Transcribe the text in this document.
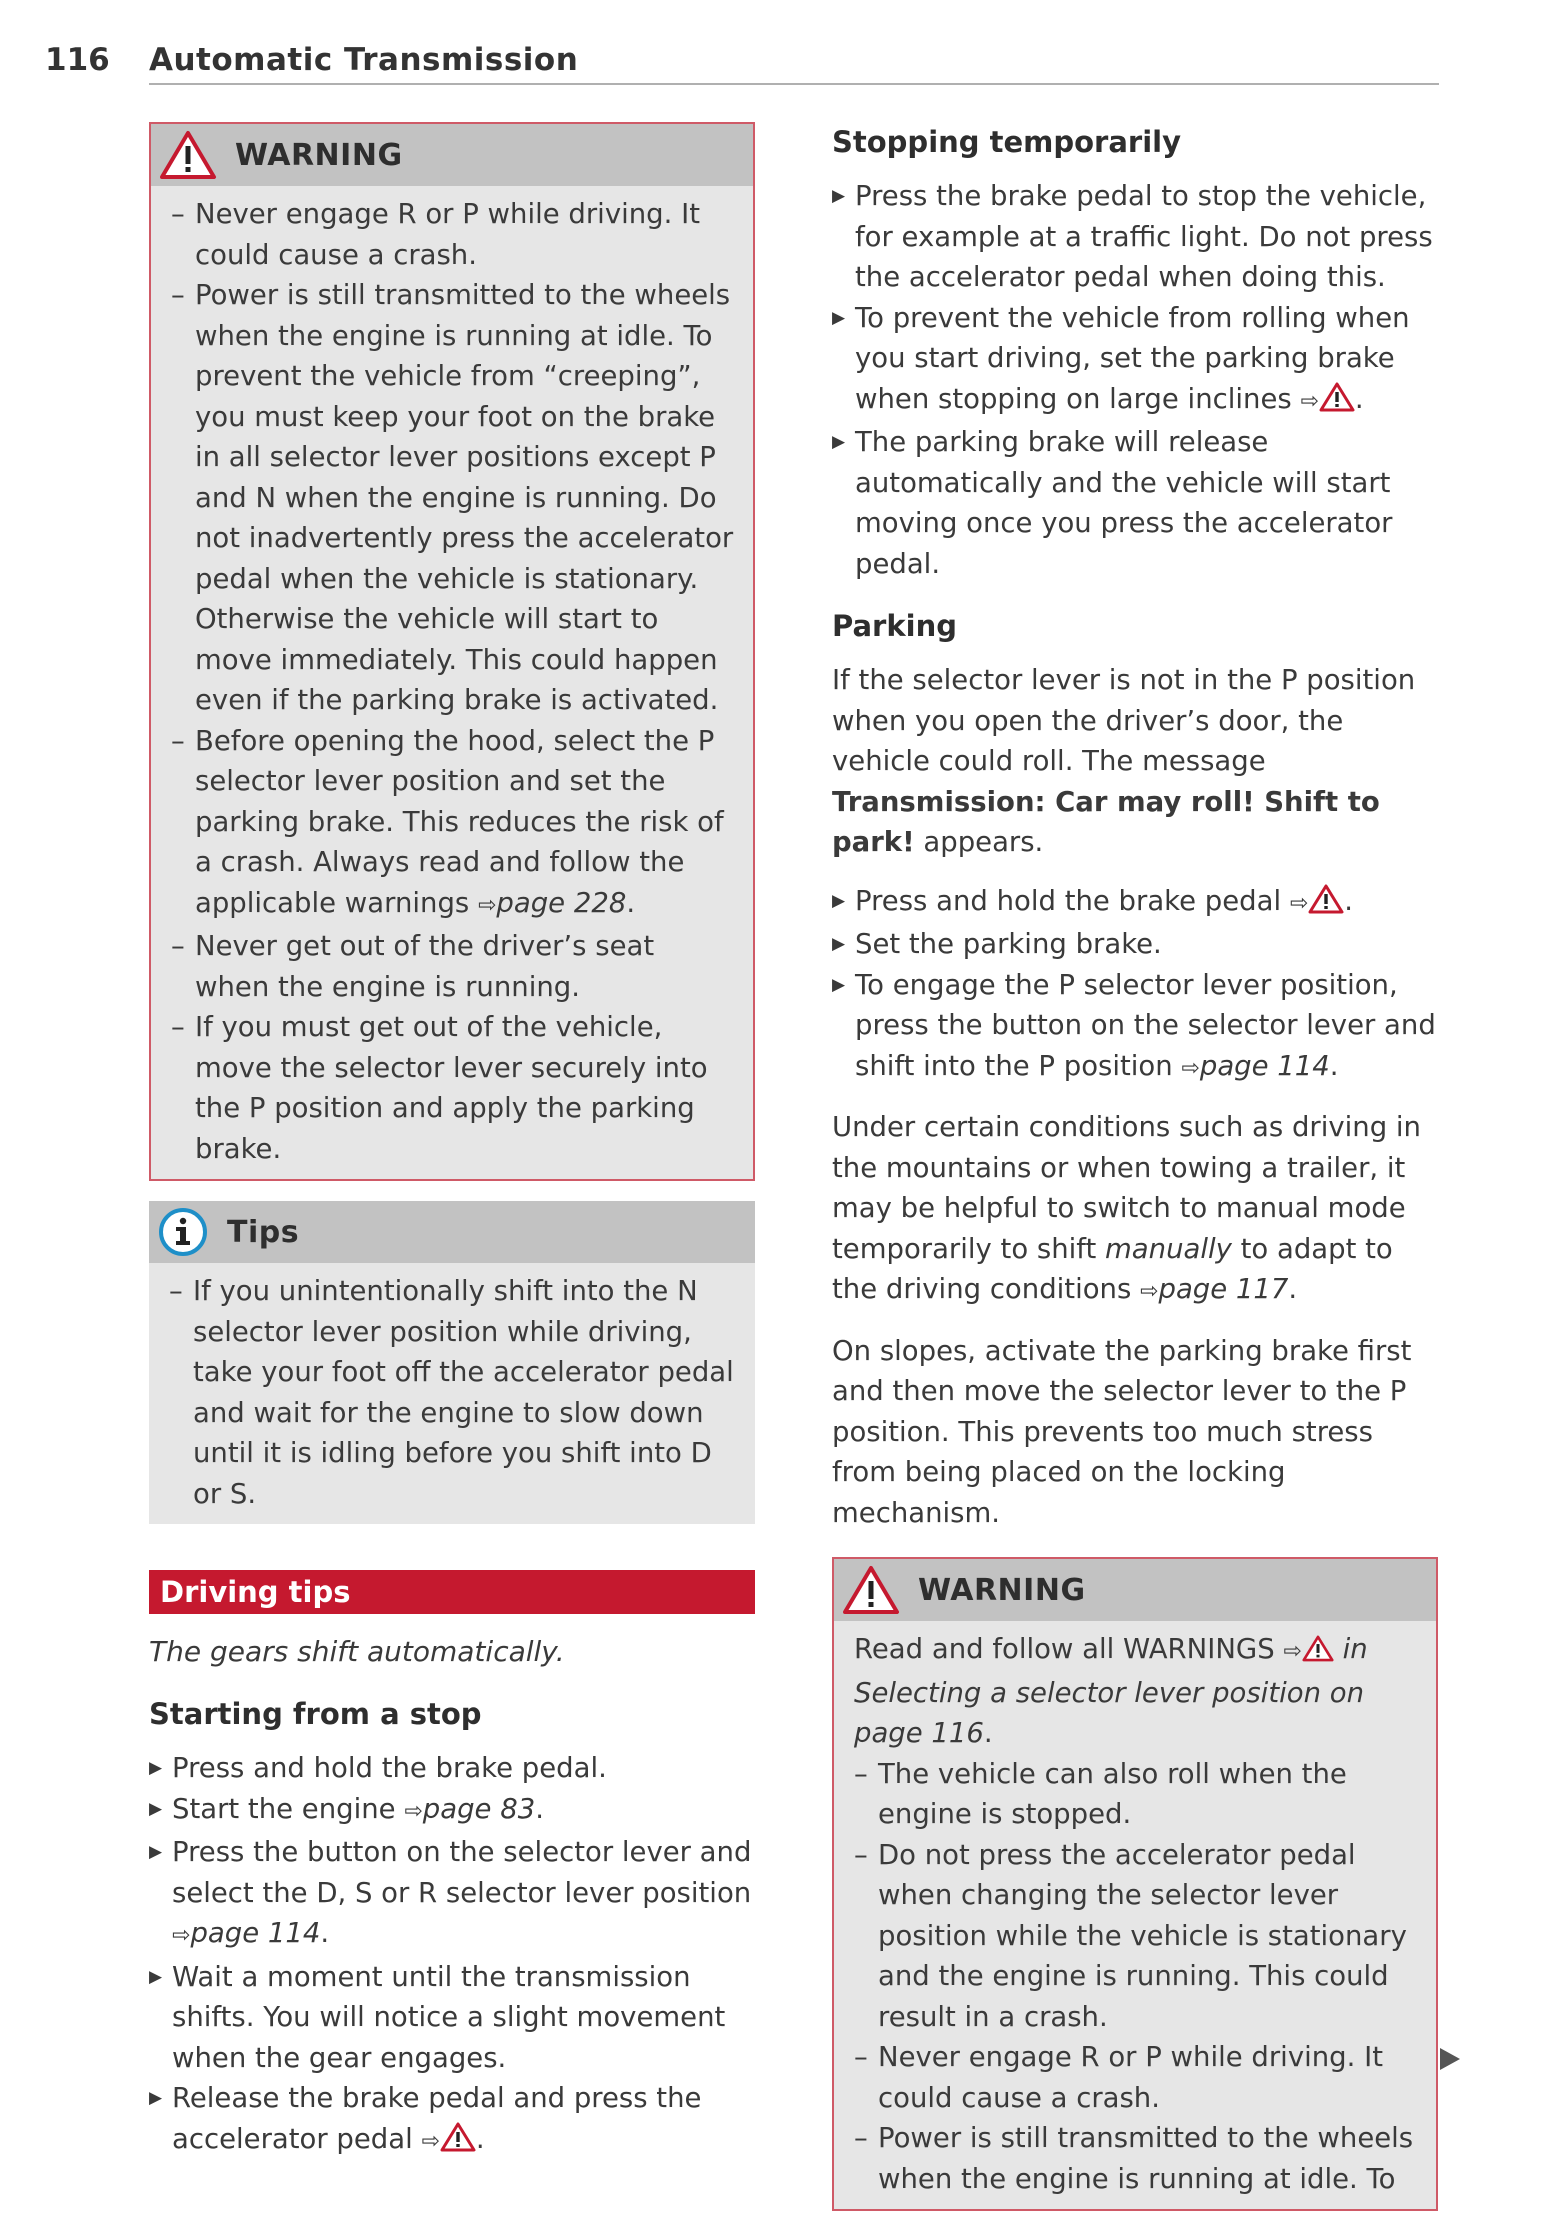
116 Automatic Transmission
WARNING
– Never engage R or P while driving. It could cause a crash.
– Power is still transmitted to the wheels when the engine is running at idle. To prevent the vehicle from “creeping”, you must keep your foot on the brake in all selector lever positions except P and N when the engine is running. Do not inadvertently press the accelerator pedal when the vehicle is stationary. Otherwise the vehicle will start to move immediately. This could happen even if the parking brake is activated.
– Before opening the hood, select the P selector lever position and set the parking brake. This reduces the risk of a crash. Always read and follow the applicable warnings ⇨page 228.
– Never get out of the driver’s seat when the engine is running.
– If you must get out of the vehicle, move the selector lever securely into the P position and apply the parking brake.
Tips
– If you unintentionally shift into the N selector lever position while driving, take your foot off the accelerator pedal and wait for the engine to slow down until it is idling before you shift into D or S.
Driving tips
The gears shift automatically.
Starting from a stop
▶ Press and hold the brake pedal.
▶ Start the engine ⇨page 83.
▶ Press the button on the selector lever and select the D, S or R selector lever position ⇨page 114.
▶ Wait a moment until the transmission shifts. You will notice a slight movement when the gear engages.
▶ Release the brake pedal and press the accelerator pedal ⇨ .
Stopping temporarily
▶ Press the brake pedal to stop the vehicle, for example at a traffic light. Do not press the accelerator pedal when doing this.
▶ To prevent the vehicle from rolling when you start driving, set the parking brake when stopping on large inclines ⇨ .
▶ The parking brake will release automatically and the vehicle will start moving once you press the accelerator pedal.
Parking

If the selector lever is not in the P position when you open the driver’s door, the vehicle could roll. The message Transmission: Car may roll! Shift to park! appears.

▶ Press and hold the brake pedal ⇨ .
▶ Set the parking brake.
▶ To engage the P selector lever position, press the button on the selector lever and shift into the P position ⇨page 114.

Under certain conditions such as driving in the mountains or when towing a trailer, it may be helpful to switch to manual mode temporarily to shift manually to adapt to the driving conditions ⇨page 117.

On slopes, activate the parking brake first and then move the selector lever to the P position. This prevents too much stress from being placed on the locking mechanism.

WARNING

Read and follow all WARNINGS ⇨ in Selecting a selector lever position on page 116.

– The vehicle can also roll when the engine is stopped.
– Do not press the accelerator pedal when changing the selector lever position while the vehicle is stationary and the engine is running. This could result in a crash.
– Never engage R or P while driving. It could cause a crash.
– Power is still transmitted to the wheels when the engine is running at idle. To
